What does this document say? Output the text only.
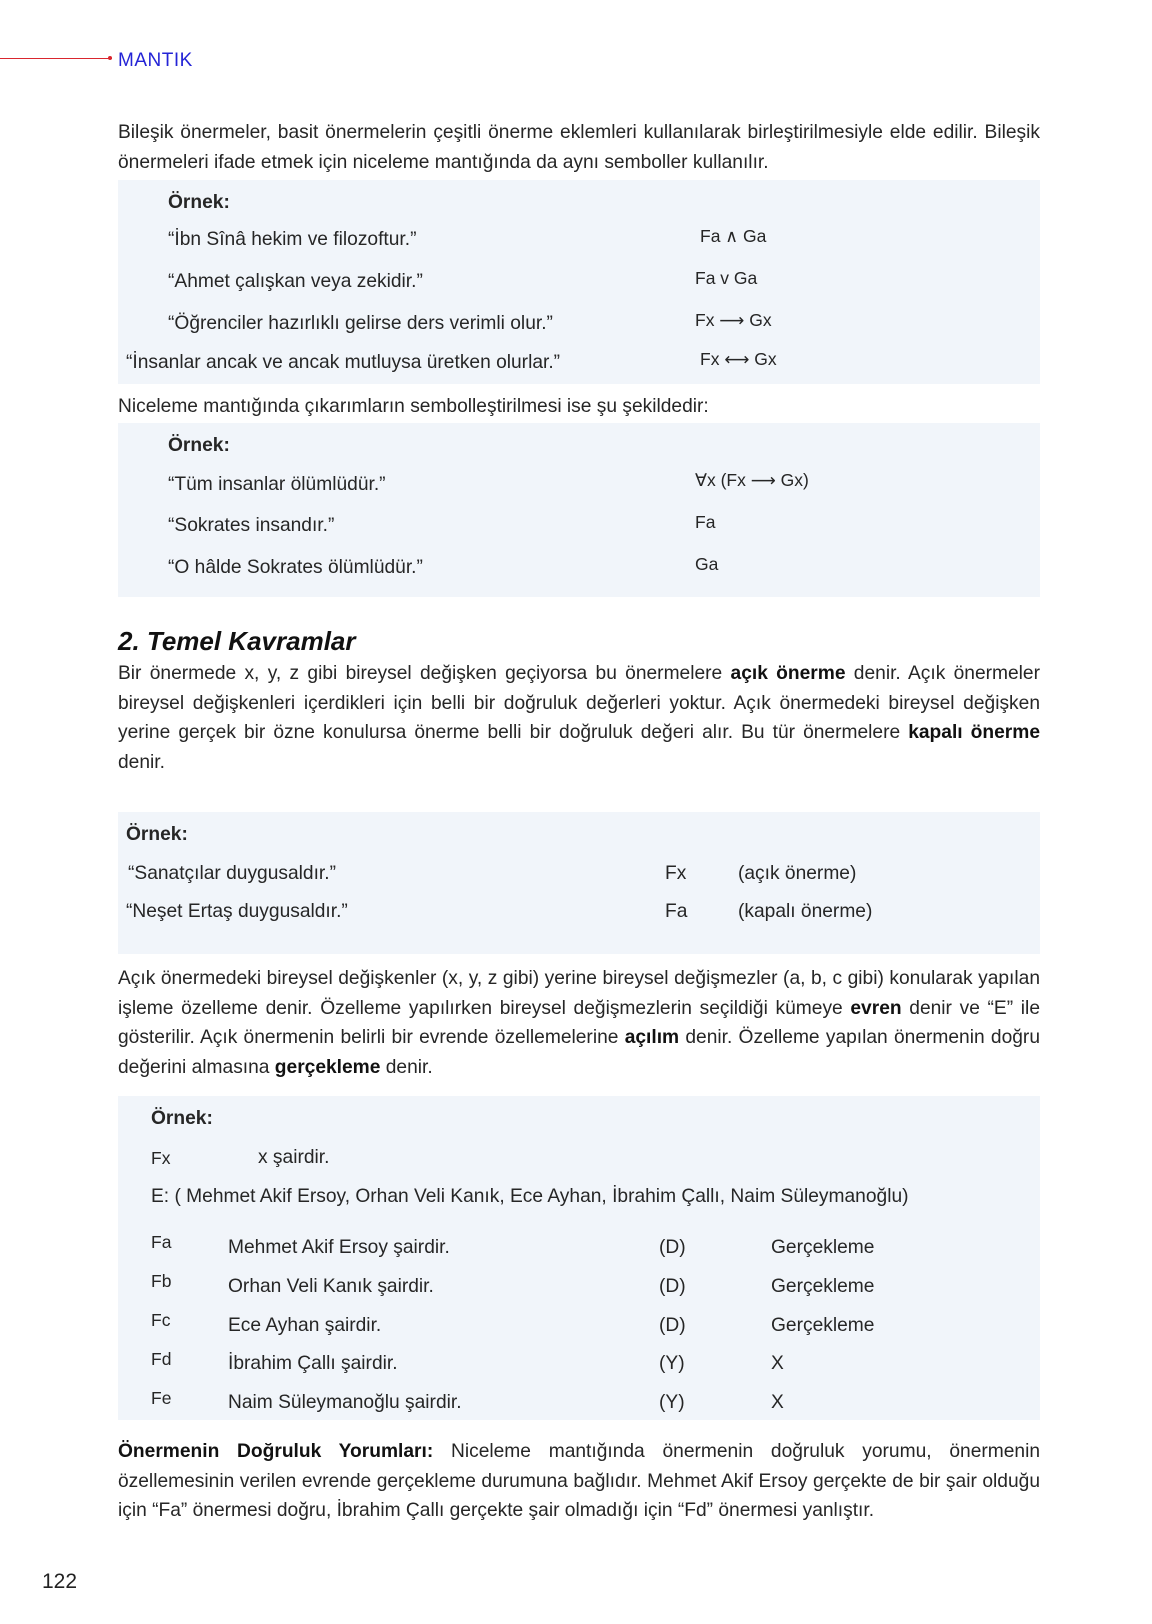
MANTIK
Bileşik önermeler, basit önermelerin çeşitli önerme eklemleri kullanılarak birleştirilmesiyle elde edilir. Bileşik önermeleri ifade etmek için niceleme mantığında da aynı semboller kullanılır.
Örnek:
“İbn Sînâ hekim ve filozoftur.”	Fa ∧ Ga
“Ahmet çalışkan veya zekidir.”	Fa v Ga
“Öğrenciler hazırlıklı gelirse ders verimli olur.”	Fx ⟶ Gx
“İnsanlar ancak ve ancak mutluysa üretken olurlar.”	Fx ⟷ Gx
Niceleme mantığında çıkarımların sembolleştirilmesi ise şu şekildedir:
Örnek:
“Tüm insanlar ölümlüdür.”	∀x (Fx ⟶ Gx)
“Sokrates insandır.”	Fa
“O hâlde Sokrates ölümlüdür.”	Ga
2. Temel Kavramlar
Bir önermede x, y, z gibi bireysel değişken geçiyorsa bu önermelere açık önerme denir. Açık önermeler bireysel değişkenleri içerdikleri için belli bir doğruluk değerleri yoktur. Açık önermedeki bireysel değişken yerine gerçek bir özne konulursa önerme belli bir doğruluk değeri alır. Bu tür önermelere kapalı önerme denir.
Örnek:
“Sanatçılar duygusaldır.”	Fx	(açık önerme)
“Neşet Ertaş duygusaldır.”	Fa	(kapalı önerme)
Açık önermedeki bireysel değişkenler (x, y, z gibi) yerine bireysel değişmezler (a, b, c gibi) konularak yapılan işleme özelleme denir. Özelleme yapılırken bireysel değişmezlerin seçildiği kümeye evren denir ve “E” ile gösterilir. Açık önermenin belirli bir evrende özellemelerine açılım denir. Özelleme yapılan önermenin doğru değerini almasına gerçekleme denir.
Örnek:
Fx	x şairdir.
E: ( Mehmet Akif Ersoy, Orhan Veli Kanık, Ece Ayhan, İbrahim Çallı, Naim Süleymanoğlu)
Fa	Mehmet Akif Ersoy şairdir.	(D)	Gerçekleme
Fb	Orhan Veli Kanık şairdir.	(D)	Gerçekleme
Fc	Ece Ayhan şairdir.	(D)	Gerçekleme
Fd	İbrahim Çallı şairdir.	(Y)	X
Fe	Naim Süleymanoğlu şairdir.	(Y)	X
Önermenin Doğruluk Yorumları: Niceleme mantığında önermenin doğruluk yorumu, önermenin özellemesinin verilen evrende gerçekleme durumuna bağlıdır. Mehmet Akif Ersoy gerçekte de bir şair olduğu için “Fa” önermesi doğru, İbrahim Çallı gerçekte şair olmadığı için “Fd” önermesi yanlıştır.
122
